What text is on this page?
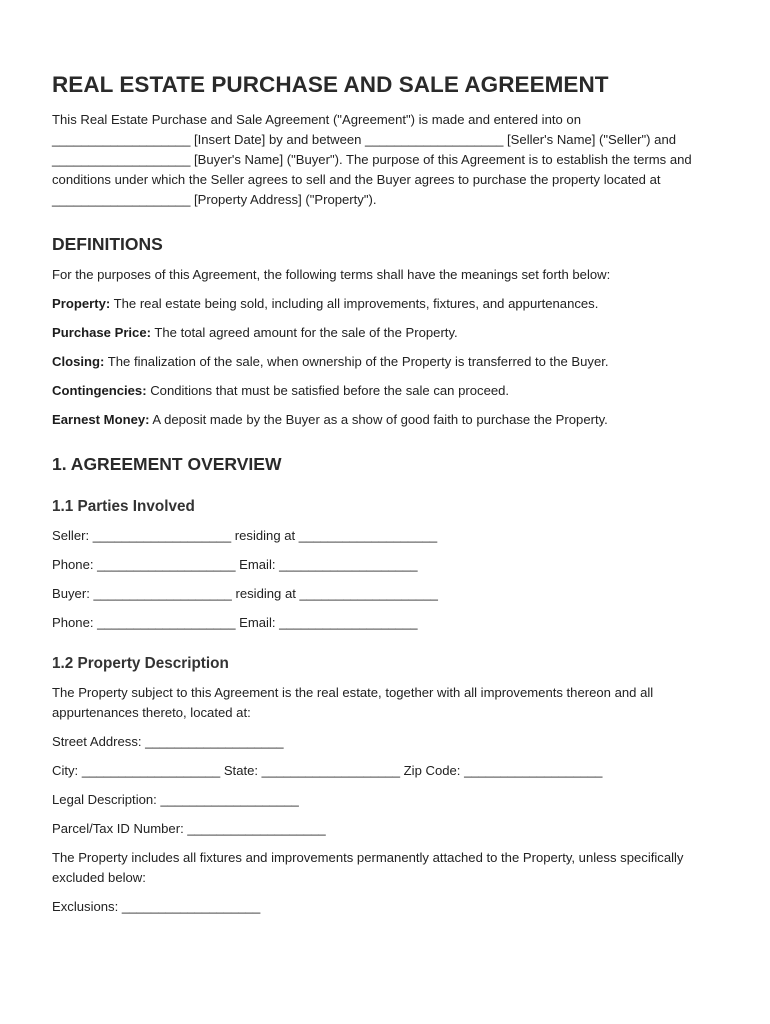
REAL ESTATE PURCHASE AND SALE AGREEMENT

This Real Estate Purchase and Sale Agreement ("Agreement") is made and entered into on ___________________ [Insert Date] by and between ___________________ [Seller's Name] ("Seller") and ___________________ [Buyer's Name] ("Buyer"). The purpose of this Agreement is to establish the terms and conditions under which the Seller agrees to sell and the Buyer agrees to purchase the property located at ___________________ [Property Address] ("Property").

DEFINITIONS

For the purposes of this Agreement, the following terms shall have the meanings set forth below:

Property: The real estate being sold, including all improvements, fixtures, and appurtenances.

Purchase Price: The total agreed amount for the sale of the Property.

Closing: The finalization of the sale, when ownership of the Property is transferred to the Buyer.

Contingencies: Conditions that must be satisfied before the sale can proceed.

Earnest Money: A deposit made by the Buyer as a show of good faith to purchase the Property.

1. AGREEMENT OVERVIEW
1.1 Parties Involved

Seller: ___________________ residing at ___________________

Phone: ___________________ Email: ___________________

Buyer: ___________________ residing at ___________________

Phone: ___________________ Email: ___________________

1.2 Property Description

The Property subject to this Agreement is the real estate, together with all improvements thereon and all appurtenances thereto, located at:

Street Address: ___________________

City: ___________________ State: ___________________ Zip Code: ___________________

Legal Description: ___________________

Parcel/Tax ID Number: ___________________

The Property includes all fixtures and improvements permanently attached to the Property, unless specifically excluded below:

Exclusions: ___________________
